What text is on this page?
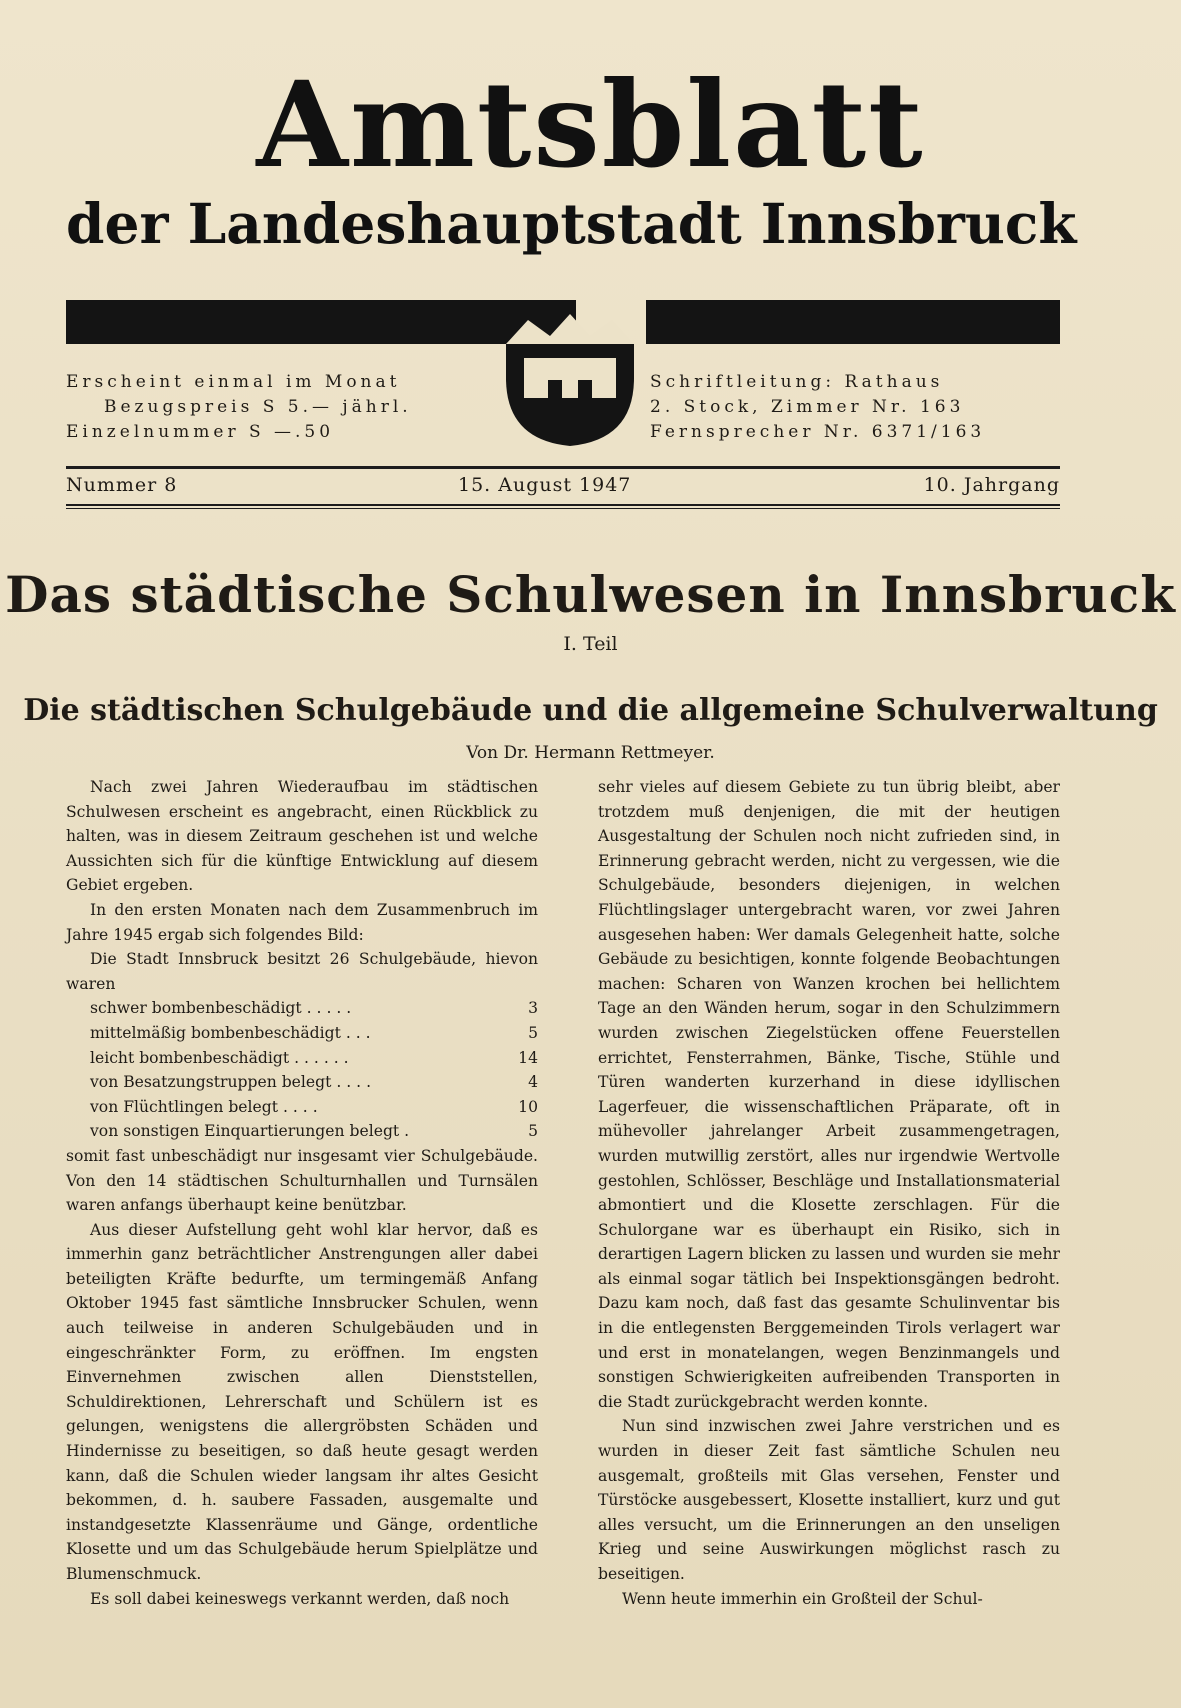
Amtsblatt
der Landeshauptstadt Innsbruck
Erscheint einmal im Monat
Bezugspreis S 5.— jährl.
Einzelnummer S —.50
Schriftleitung: Rathaus
2. Stock, Zimmer Nr. 163
Fernsprecher Nr. 6371/163
Nummer 8	15. August 1947	10. Jahrgang
Das städtische Schulwesen in Innsbruck
I. Teil
Die städtischen Schulgebäude und die allgemeine Schulverwaltung
Von Dr. Hermann Rettmeyer.

Nach zwei Jahren Wiederaufbau im städtischen Schulwesen erscheint es angebracht, einen Rückblick zu halten, was in diesem Zeitraum geschehen ist und welche Aussichten sich für die künftige Entwicklung auf diesem Gebiet ergeben.

In den ersten Monaten nach dem Zusammenbruch im Jahre 1945 ergab sich folgendes Bild:

Die Stadt Innsbruck besitzt 26 Schulgebäude, hievon waren

schwer bombenbeschädigt . . . . .	3
mittelmäßig bombenbeschädigt . . .	5
leicht bombenbeschädigt . . . . . .	14
von Besatzungstruppen belegt . . . .	4
von Flüchtlingen belegt . . . .	10
von sonstigen Einquartierungen belegt .	5

somit fast unbeschädigt nur insgesamt vier Schulgebäude. Von den 14 städtischen Schulturnhallen und Turnsälen waren anfangs überhaupt keine benützbar.

Aus dieser Aufstellung geht wohl klar hervor, daß es immerhin ganz beträchtlicher Anstrengungen aller dabei beteiligten Kräfte bedurfte, um termingemäß Anfang Oktober 1945 fast sämtliche Innsbrucker Schulen, wenn auch teilweise in anderen Schulgebäuden und in eingeschränkter Form, zu eröffnen. Im engsten Einvernehmen zwischen allen Dienststellen, Schuldirektionen, Lehrerschaft und Schülern ist es gelungen, wenigstens die allergröbsten Schäden und Hindernisse zu beseitigen, so daß heute gesagt werden kann, daß die Schulen wieder langsam ihr altes Gesicht bekommen, d. h. saubere Fassaden, ausgemalte und instandgesetzte Klassenräume und Gänge, ordentliche Klosette und um das Schulgebäude herum Spielplätze und Blumenschmuck.

Es soll dabei keineswegs verkannt werden, daß noch

sehr vieles auf diesem Gebiete zu tun übrig bleibt, aber trotzdem muß denjenigen, die mit der heutigen Ausgestaltung der Schulen noch nicht zufrieden sind, in Erinnerung gebracht werden, nicht zu vergessen, wie die Schulgebäude, besonders diejenigen, in welchen Flüchtlingslager untergebracht waren, vor zwei Jahren ausgesehen haben: Wer damals Gelegenheit hatte, solche Gebäude zu besichtigen, konnte folgende Beobachtungen machen: Scharen von Wanzen krochen bei hellichtem Tage an den Wänden herum, sogar in den Schulzimmern wurden zwischen Ziegelstücken offene Feuerstellen errichtet, Fensterrahmen, Bänke, Tische, Stühle und Türen wanderten kurzerhand in diese idyllischen Lagerfeuer, die wissenschaftlichen Präparate, oft in mühevoller jahrelanger Arbeit zusammengetragen, wurden mutwillig zerstört, alles nur irgendwie Wertvolle gestohlen, Schlösser, Beschläge und Installationsmaterial abmontiert und die Klosette zerschlagen. Für die Schulorgane war es überhaupt ein Risiko, sich in derartigen Lagern blicken zu lassen und wurden sie mehr als einmal sogar tätlich bei Inspektionsgängen bedroht. Dazu kam noch, daß fast das gesamte Schulinventar bis in die entlegensten Berggemeinden Tirols verlagert war und erst in monatelangen, wegen Benzinmangels und sonstigen Schwierigkeiten aufreibenden Transporten in die Stadt zurückgebracht werden konnte.

Nun sind inzwischen zwei Jahre verstrichen und es wurden in dieser Zeit fast sämtliche Schulen neu ausgemalt, großteils mit Glas versehen, Fenster und Türstöcke ausgebessert, Klosette installiert, kurz und gut alles versucht, um die Erinnerungen an den unseligen Krieg und seine Auswirkungen möglichst rasch zu beseitigen.

Wenn heute immerhin ein Großteil der Schul-
